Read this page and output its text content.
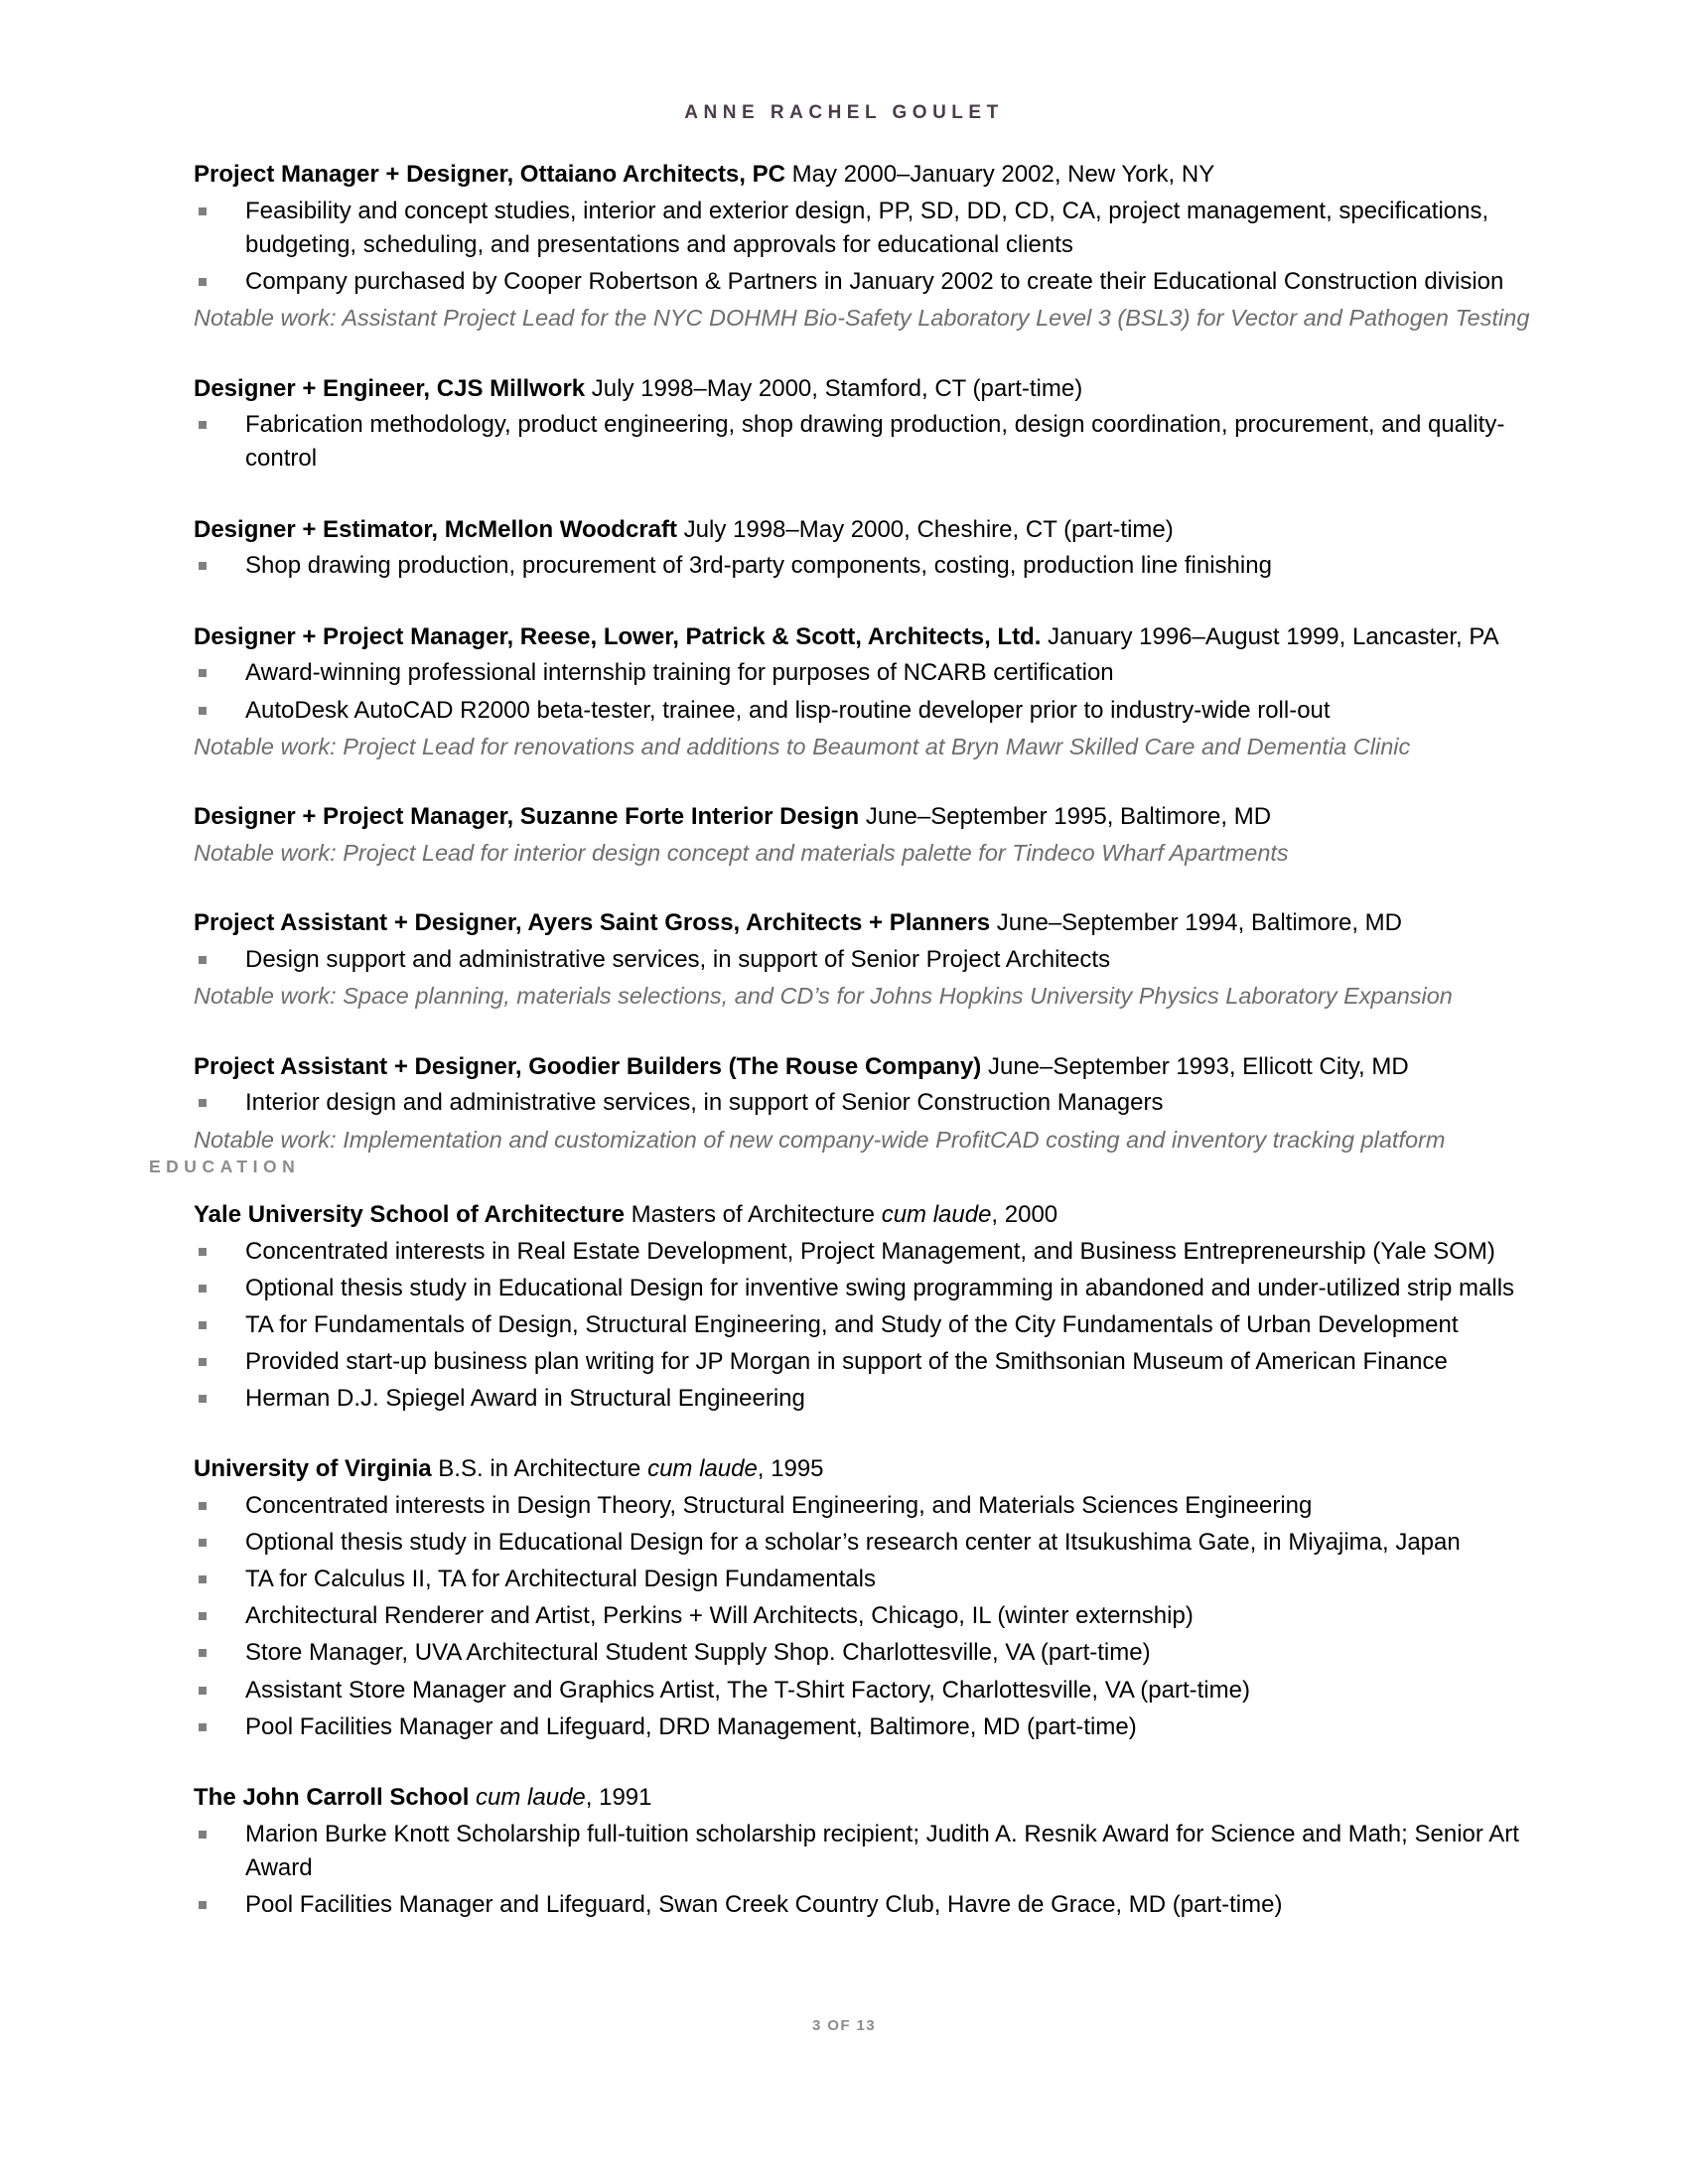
ANNE RACHEL GOULET
Project Manager + Designer, Ottaiano Architects, PC May 2000–January 2002, New York, NY
Feasibility and concept studies, interior and exterior design, PP, SD, DD, CD, CA, project management, specifications, budgeting, scheduling, and presentations and approvals for educational clients
Company purchased by Cooper Robertson & Partners in January 2002 to create their Educational Construction division
Notable work: Assistant Project Lead for the NYC DOHMH Bio-Safety Laboratory Level 3 (BSL3) for Vector and Pathogen Testing
Designer + Engineer, CJS Millwork July 1998–May 2000, Stamford, CT (part-time)
Fabrication methodology, product engineering, shop drawing production, design coordination, procurement, and quality-control
Designer + Estimator, McMellon Woodcraft July 1998–May 2000, Cheshire, CT (part-time)
Shop drawing production, procurement of 3rd-party components, costing, production line finishing
Designer + Project Manager, Reese, Lower, Patrick & Scott, Architects, Ltd. January 1996–August 1999, Lancaster, PA
Award-winning professional internship training for purposes of NCARB certification
AutoDesk AutoCAD R2000 beta-tester, trainee, and lisp-routine developer prior to industry-wide roll-out
Notable work: Project Lead for renovations and additions to Beaumont at Bryn Mawr Skilled Care and Dementia Clinic
Designer + Project Manager, Suzanne Forte Interior Design June–September 1995, Baltimore, MD
Notable work: Project Lead for interior design concept and materials palette for Tindeco Wharf Apartments
Project Assistant + Designer, Ayers Saint Gross, Architects + Planners June–September 1994, Baltimore, MD
Design support and administrative services, in support of Senior Project Architects
Notable work: Space planning, materials selections, and CD’s for Johns Hopkins University Physics Laboratory Expansion
Project Assistant + Designer, Goodier Builders (The Rouse Company) June–September 1993, Ellicott City, MD
Interior design and administrative services, in support of Senior Construction Managers
Notable work: Implementation and customization of new company-wide ProfitCAD costing and inventory tracking platform
EDUCATION
Yale University School of Architecture Masters of Architecture cum laude, 2000
Concentrated interests in Real Estate Development, Project Management, and Business Entrepreneurship (Yale SOM)
Optional thesis study in Educational Design for inventive swing programming in abandoned and under-utilized strip malls
TA for Fundamentals of Design, Structural Engineering, and Study of the City Fundamentals of Urban Development
Provided start-up business plan writing for JP Morgan in support of the Smithsonian Museum of American Finance
Herman D.J. Spiegel Award in Structural Engineering
University of Virginia B.S. in Architecture cum laude, 1995
Concentrated interests in Design Theory, Structural Engineering, and Materials Sciences Engineering
Optional thesis study in Educational Design for a scholar’s research center at Itsukushima Gate, in Miyajima, Japan
TA for Calculus II, TA for Architectural Design Fundamentals
Architectural Renderer and Artist, Perkins + Will Architects, Chicago, IL (winter externship)
Store Manager, UVA Architectural Student Supply Shop. Charlottesville, VA (part-time)
Assistant Store Manager and Graphics Artist, The T-Shirt Factory, Charlottesville, VA (part-time)
Pool Facilities Manager and Lifeguard, DRD Management, Baltimore, MD (part-time)
The John Carroll School cum laude, 1991
Marion Burke Knott Scholarship full-tuition scholarship recipient; Judith A. Resnik Award for Science and Math; Senior Art Award
Pool Facilities Manager and Lifeguard, Swan Creek Country Club, Havre de Grace, MD (part-time)
3 OF 13
